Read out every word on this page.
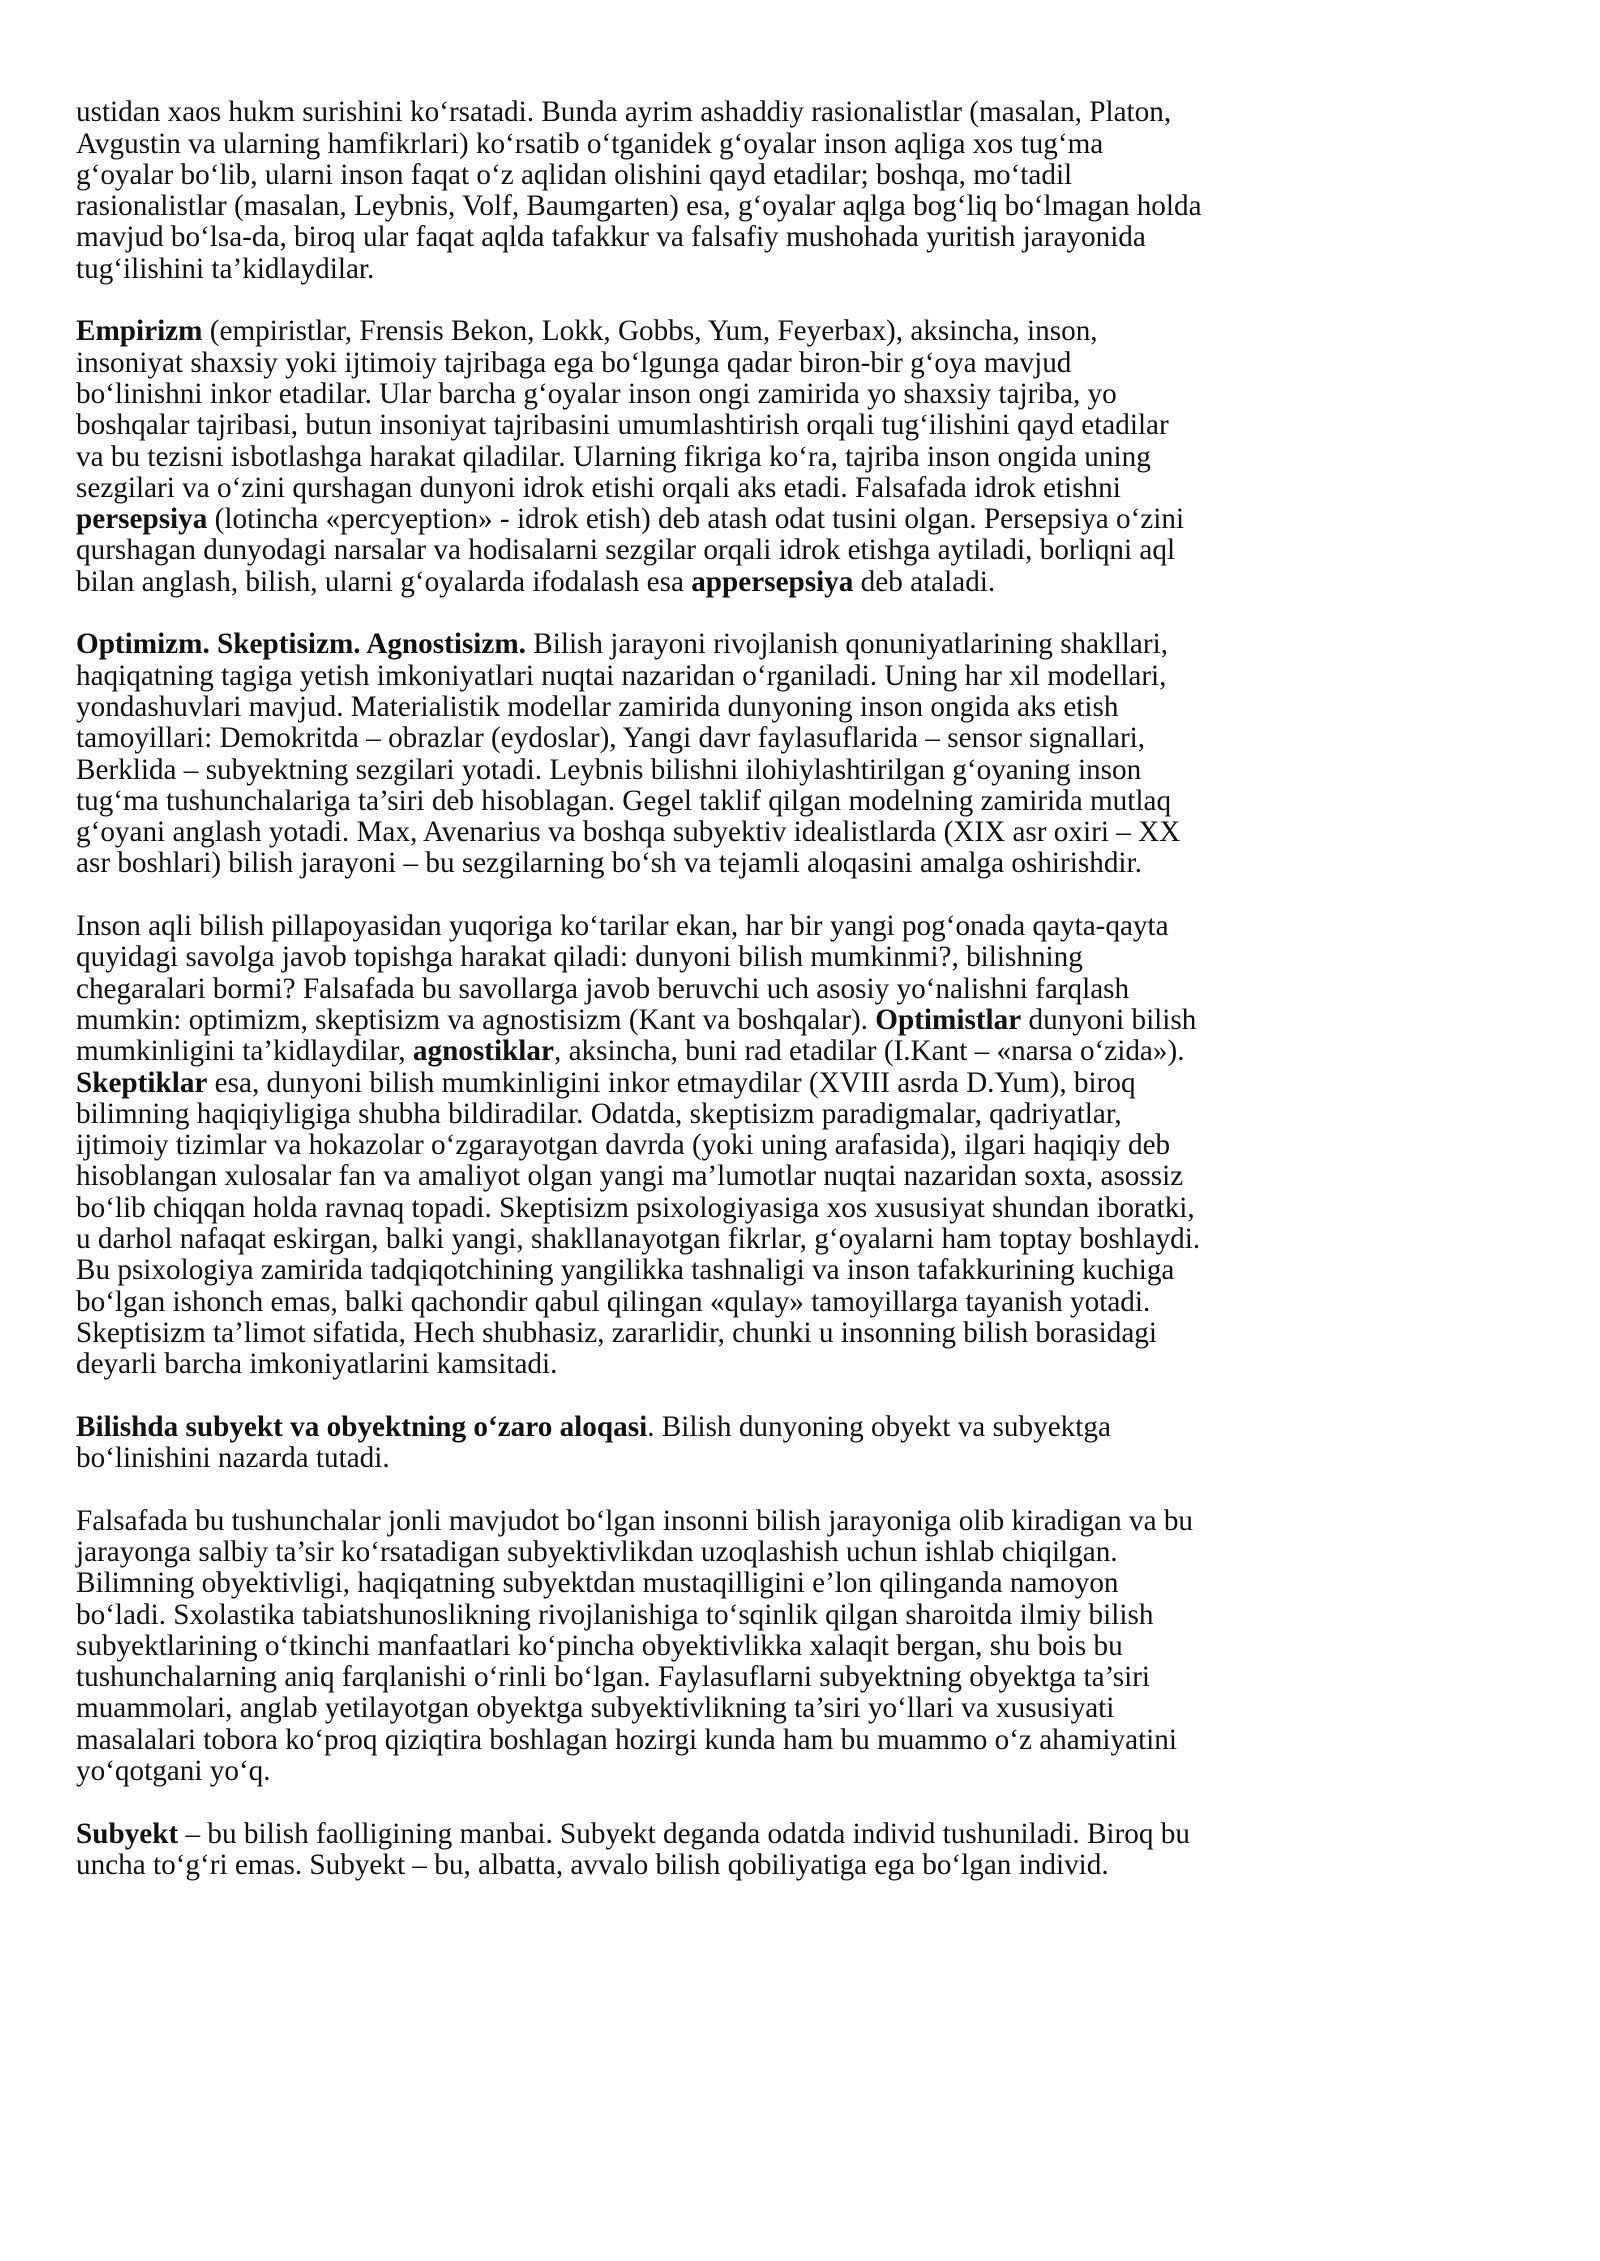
ustidan xaos hukm surishini ko‘rsatadi. Bunda ayrim ashaddiy rasionalistlar (masalan, Platon,
Avgustin va ularning hamfikrlari) ko‘rsatib o‘tganidek g‘oyalar inson aqliga xos tug‘ma
g‘oyalar bo‘lib, ularni inson faqat o‘z aqlidan olishini qayd etadilar; boshqa, mo‘tadil
rasionalistlar (masalan, Leybnis, Volf, Baumgarten) esa, g‘oyalar aqlga bog‘liq bo‘lmagan holda
mavjud bo‘lsa-da, biroq ular faqat aqlda tafakkur va falsafiy mushohada yuritish jarayonida
tug‘ilishini ta’kidlaydilar.

Empirizm (empiristlar, Frensis Bekon, Lokk, Gobbs, Yum, Feyerbax), aksincha, inson,
insoniyat shaxsiy yoki ijtimoiy tajribaga ega bo‘lgunga qadar biron-bir g‘oya mavjud
bo‘linishni inkor etadilar. Ular barcha g‘oyalar inson ongi zamirida yo shaxsiy tajriba, yo
boshqalar tajribasi, butun insoniyat tajribasini umumlashtirish orqali tug‘ilishini qayd etadilar
va bu tezisni isbotlashga harakat qiladilar. Ularning fikriga ko‘ra, tajriba inson ongida uning
sezgilari va o‘zini qurshagan dunyoni idrok etishi orqali aks etadi. Falsafada idrok etishni
persepsiya (lotincha «percyeption» - idrok etish) deb atash odat tusini olgan. Persepsiya o‘zini
qurshagan dunyodagi narsalar va hodisalarni sezgilar orqali idrok etishga aytiladi, borliqni aql
bilan anglash, bilish, ularni g‘oyalarda ifodalash esa appersepsiya deb ataladi.

Optimizm. Skeptisizm. Agnostisizm. Bilish jarayoni rivojlanish qonuniyatlarining shakllari,
haqiqatning tagiga yetish imkoniyatlari nuqtai nazaridan o‘rganiladi. Uning har xil modellari,
yondashuvlari mavjud. Materialistik modellar zamirida dunyoning inson ongida aks etish
tamoyillari: Demokritda – obrazlar (eydoslar), Yangi davr faylasuflarida – sensor signallari,
Berklida – subyektning sezgilari yotadi. Leybnis bilishni ilohiylashtirilgan g‘oyaning inson
tug‘ma tushunchalariga ta’siri deb hisoblagan. Gegel taklif qilgan modelning zamirida mutlaq
g‘oyani anglash yotadi. Max, Avenarius va boshqa subyektiv idealistlarda (XIX asr oxiri – XX
asr boshlari) bilish jarayoni – bu sezgilarning bo‘sh va tejamli aloqasini amalga oshirishdir.

Inson aqli bilish pillapoyasidan yuqoriga ko‘tarilar ekan, har bir yangi pog‘onada qayta-qayta
quyidagi savolga javob topishga harakat qiladi: dunyoni bilish mumkinmi?, bilishning
chegaralari bormi? Falsafada bu savollarga javob beruvchi uch asosiy yo‘nalishni farqlash
mumkin: optimizm, skeptisizm va agnostisizm (Kant va boshqalar). Optimistlar dunyoni bilish
mumkinligini ta’kidlaydilar, agnostiklar, aksincha, buni rad etadilar (I.Kant – «narsa o‘zida»).
Skeptiklar esa, dunyoni bilish mumkinligini inkor etmaydilar (XVIII asrda D.Yum), biroq
bilimning haqiqiyligiga shubha bildiradilar. Odatda, skeptisizm paradigmalar, qadriyatlar,
ijtimoiy tizimlar va hokazolar o‘zgarayotgan davrda (yoki uning arafasida), ilgari haqiqiy deb
hisoblangan xulosalar fan va amaliyot olgan yangi ma’lumotlar nuqtai nazaridan soxta, asossiz
bo‘lib chiqqan holda ravnaq topadi. Skeptisizm psixologiyasiga xos xususiyat shundan iboratki,
u darhol nafaqat eskirgan, balki yangi, shakllanayotgan fikrlar, g‘oyalarni ham toptay boshlaydi.
Bu psixologiya zamirida tadqiqotchining yangilikka tashnaligi va inson tafakkurining kuchiga
bo‘lgan ishonch emas, balki qachondir qabul qilingan «qulay» tamoyillarga tayanish yotadi.
Skeptisizm ta’limot sifatida, Hech shubhasiz, zararlidir, chunki u insonning bilish borasidagi
deyarli barcha imkoniyatlarini kamsitadi.

Bilishda subyekt va obyektning o‘zaro aloqasi. Bilish dunyoning obyekt va subyektga
bo‘linishini nazarda tutadi.

Falsafada bu tushunchalar jonli mavjudot bo‘lgan insonni bilish jarayoniga olib kiradigan va bu
jarayonga salbiy ta’sir ko‘rsatadigan subyektivlikdan uzoqlashish uchun ishlab chiqilgan.
Bilimning obyektivligi, haqiqatning subyektdan mustaqilligini e’lon qilinganda namoyon
bo‘ladi. Sxolastika tabiatshunoslikning rivojlanishiga to‘sqinlik qilgan sharoitda ilmiy bilish
subyektlarining o‘tkinchi manfaatlari ko‘pincha obyektivlikka xalaqit bergan, shu bois bu
tushunchalarning aniq farqlanishi o‘rinli bo‘lgan. Faylasuflarni subyektning obyektga ta’siri
muammolari, anglab yetilayotgan obyektga subyektivlikning ta’siri yo‘llari va xususiyati
masalalari tobora ko‘proq qiziqtira boshlagan hozirgi kunda ham bu muammo o‘z ahamiyatini
yo‘qotgani yo‘q.

Subyekt – bu bilish faolligining manbai. Subyekt deganda odatda individ tushuniladi. Biroq bu
uncha to‘g‘ri emas. Subyekt – bu, albatta, avvalo bilish qobiliyatiga ega bo‘lgan individ.
